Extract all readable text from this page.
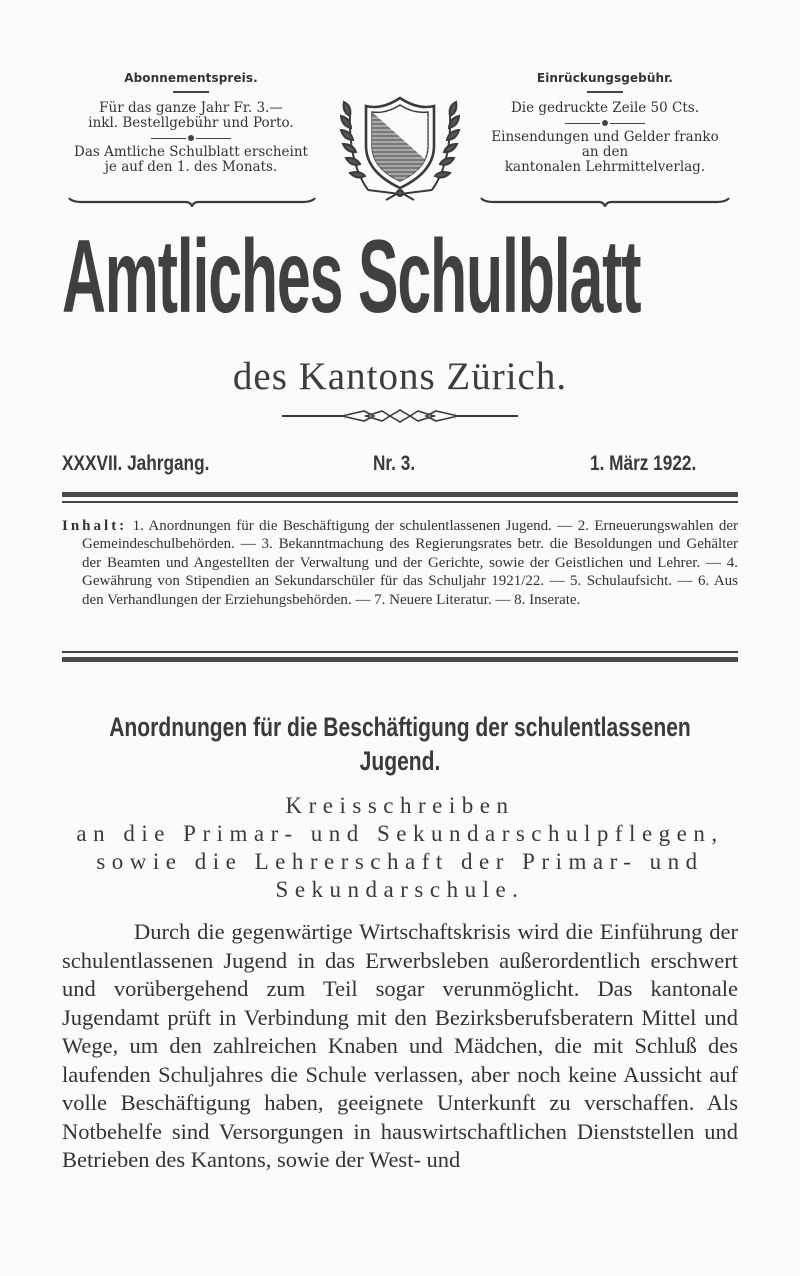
Abonnementspreis.
Für das ganze Jahr Fr. 3.—
inkl. Bestellgebühr und Porto.
Das Amtliche Schulblatt erscheint
je auf den 1. des Monats.
Einrückungsgebühr.
Die gedruckte Zeile 50 Cts.
Einsendungen und Gelder franko
an den
kantonalen Lehrmittelverlag.
Amtliches Schulblatt
des Kantons Zürich.
XXXVII. Jahrgang.	Nr. 3.	1. März 1922.

Inhalt: 1. Anordnungen für die Beschäftigung der schulentlassenen Jugend. — 2. Erneuerungswahlen der Gemeindeschulbehörden. — 3. Bekanntmachung des Regierungsrates betr. die Besoldungen und Gehälter der Beamten und Angestellten der Verwaltung und der Gerichte, sowie der Geistlichen und Lehrer. — 4. Gewährung von Stipendien an Sekundarschüler für das Schuljahr 1921/22. — 5. Schulaufsicht. — 6. Aus den Verhandlungen der Erziehungsbehörden. — 7. Neuere Literatur. — 8. Inserate.

Anordnungen für die Beschäftigung der schulentlassenen
Jugend.
Kreisschreiben
an die Primar- und Sekundarschulpflegen,
sowie die Lehrerschaft der Primar- und
Sekundarschule.

Durch die gegenwärtige Wirtschaftskrisis wird die Einführung der schulentlassenen Jugend in das Erwerbsleben außerordentlich erschwert und vorübergehend zum Teil sogar verunmöglicht. Das kantonale Jugendamt prüft in Verbindung mit den Bezirksberufsberatern Mittel und Wege, um den zahlreichen Knaben und Mädchen, die mit Schluß des laufenden Schuljahres die Schule verlassen, aber noch keine Aussicht auf volle Beschäftigung haben, geeignete Unterkunft zu verschaffen. Als Notbehelfe sind Versorgungen in hauswirtschaftlichen Dienststellen und Betrieben des Kantons, sowie der West- und
